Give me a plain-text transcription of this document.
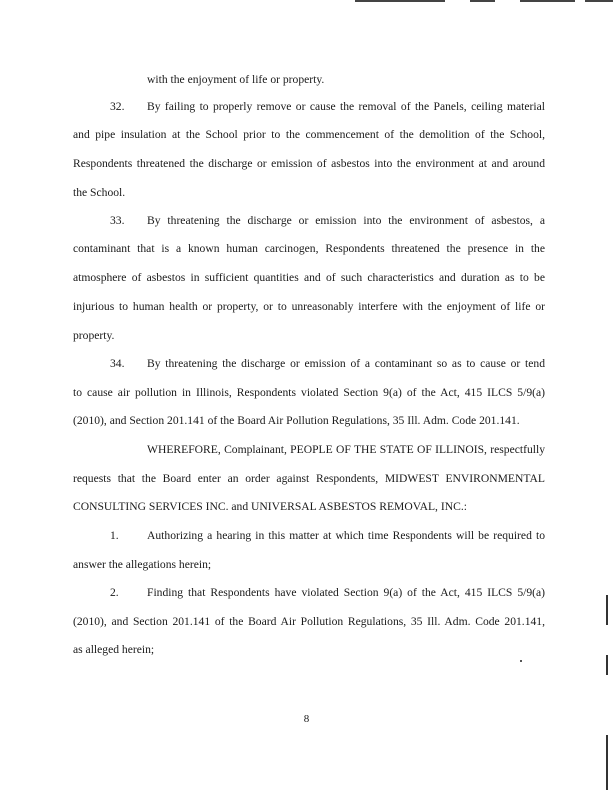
with the enjoyment of life or property.
32.	By failing to properly remove or cause the removal of the Panels, ceiling material
and pipe insulation at the School prior to the commencement of the demolition of the School,
Respondents threatened the discharge or emission of asbestos into the environment at and around
the School.
33.	By threatening the discharge or emission into the environment of asbestos, a
contaminant that is a known human carcinogen, Respondents threatened the presence in the
atmosphere of asbestos in sufficient quantities and of such characteristics and duration as to be
injurious to human health or property, or to unreasonably interfere with the enjoyment of life or
property.
34.	By threatening the discharge or emission of a contaminant so as to cause or tend
to cause air pollution in Illinois, Respondents violated Section 9(a) of the Act, 415 ILCS 5/9(a)
(2010), and Section 201.141 of the Board Air Pollution Regulations, 35 Ill. Adm. Code 201.141.
WHEREFORE, Complainant, PEOPLE OF THE STATE OF ILLINOIS, respectfully
requests that the Board enter an order against Respondents, MIDWEST ENVIRONMENTAL
CONSULTING SERVICES INC. and UNIVERSAL ASBESTOS REMOVAL, INC.:
1.	Authorizing a hearing in this matter at which time Respondents will be required to
answer the allegations herein;
2.	Finding that Respondents have violated Section 9(a) of the Act, 415 ILCS 5/9(a)
(2010), and Section 201.141 of the Board Air Pollution Regulations, 35 Ill. Adm. Code 201.141,
as alleged herein;
8
